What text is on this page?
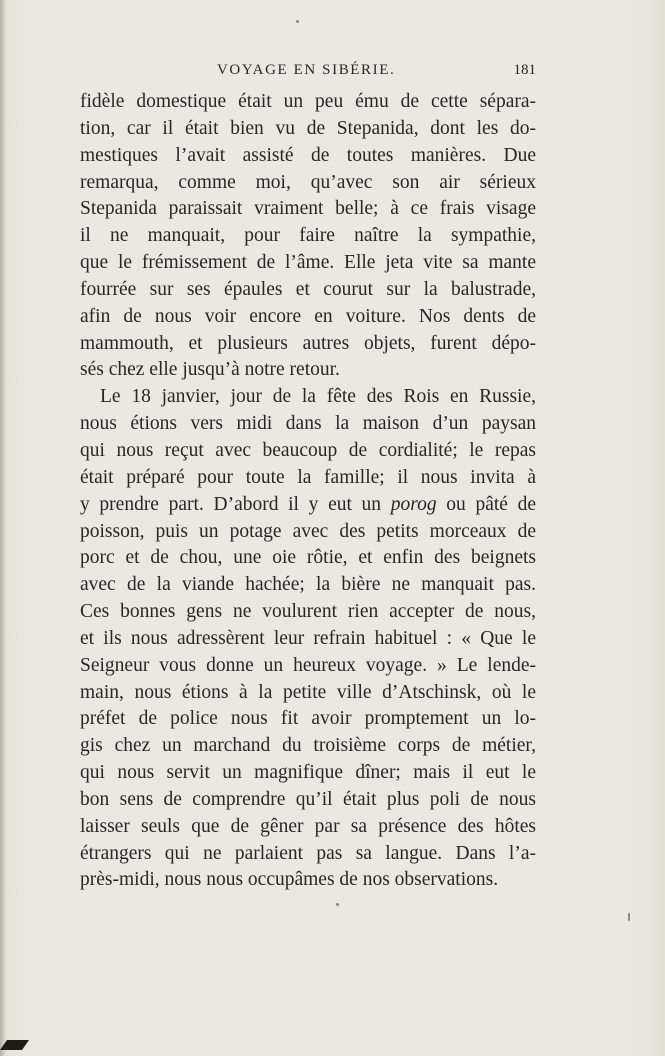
VOYAGE EN SIBÉRIE.	181
fidèle domestique était un peu ému de cette sépara-
tion, car il était bien vu de Stepanida, dont les do-
mestiques l’avait assisté de toutes manières. Due
remarqua, comme moi, qu’avec son air sérieux
Stepanida paraissait vraiment belle; à ce frais visage
il ne manquait, pour faire naître la sympathie,
que le frémissement de l’âme. Elle jeta vite sa mante
fourrée sur ses épaules et courut sur la balustrade,
afin de nous voir encore en voiture. Nos dents de
mammouth, et plusieurs autres objets, furent dépo-
sés chez elle jusqu’à notre retour.
Le 18 janvier, jour de la fête des Rois en Russie,
nous étions vers midi dans la maison d’un paysan
qui nous reçut avec beaucoup de cordialité; le repas
était préparé pour toute la famille; il nous invita à
y prendre part. D’abord il y eut un porog ou pâté de
poisson, puis un potage avec des petits morceaux de
porc et de chou, une oie rôtie, et enfin des beignets
avec de la viande hachée; la bière ne manquait pas.
Ces bonnes gens ne voulurent rien accepter de nous,
et ils nous adressèrent leur refrain habituel : « Que le
Seigneur vous donne un heureux voyage. » Le lende-
main, nous étions à la petite ville d’Atschinsk, où le
préfet de police nous fit avoir promptement un lo-
gis chez un marchand du troisième corps de métier,
qui nous servit un magnifique dîner; mais il eut le
bon sens de comprendre qu’il était plus poli de nous
laisser seuls que de gêner par sa présence des hôtes
étrangers qui ne parlaient pas sa langue. Dans l’a-
près-midi, nous nous occupâmes de nos observations.
